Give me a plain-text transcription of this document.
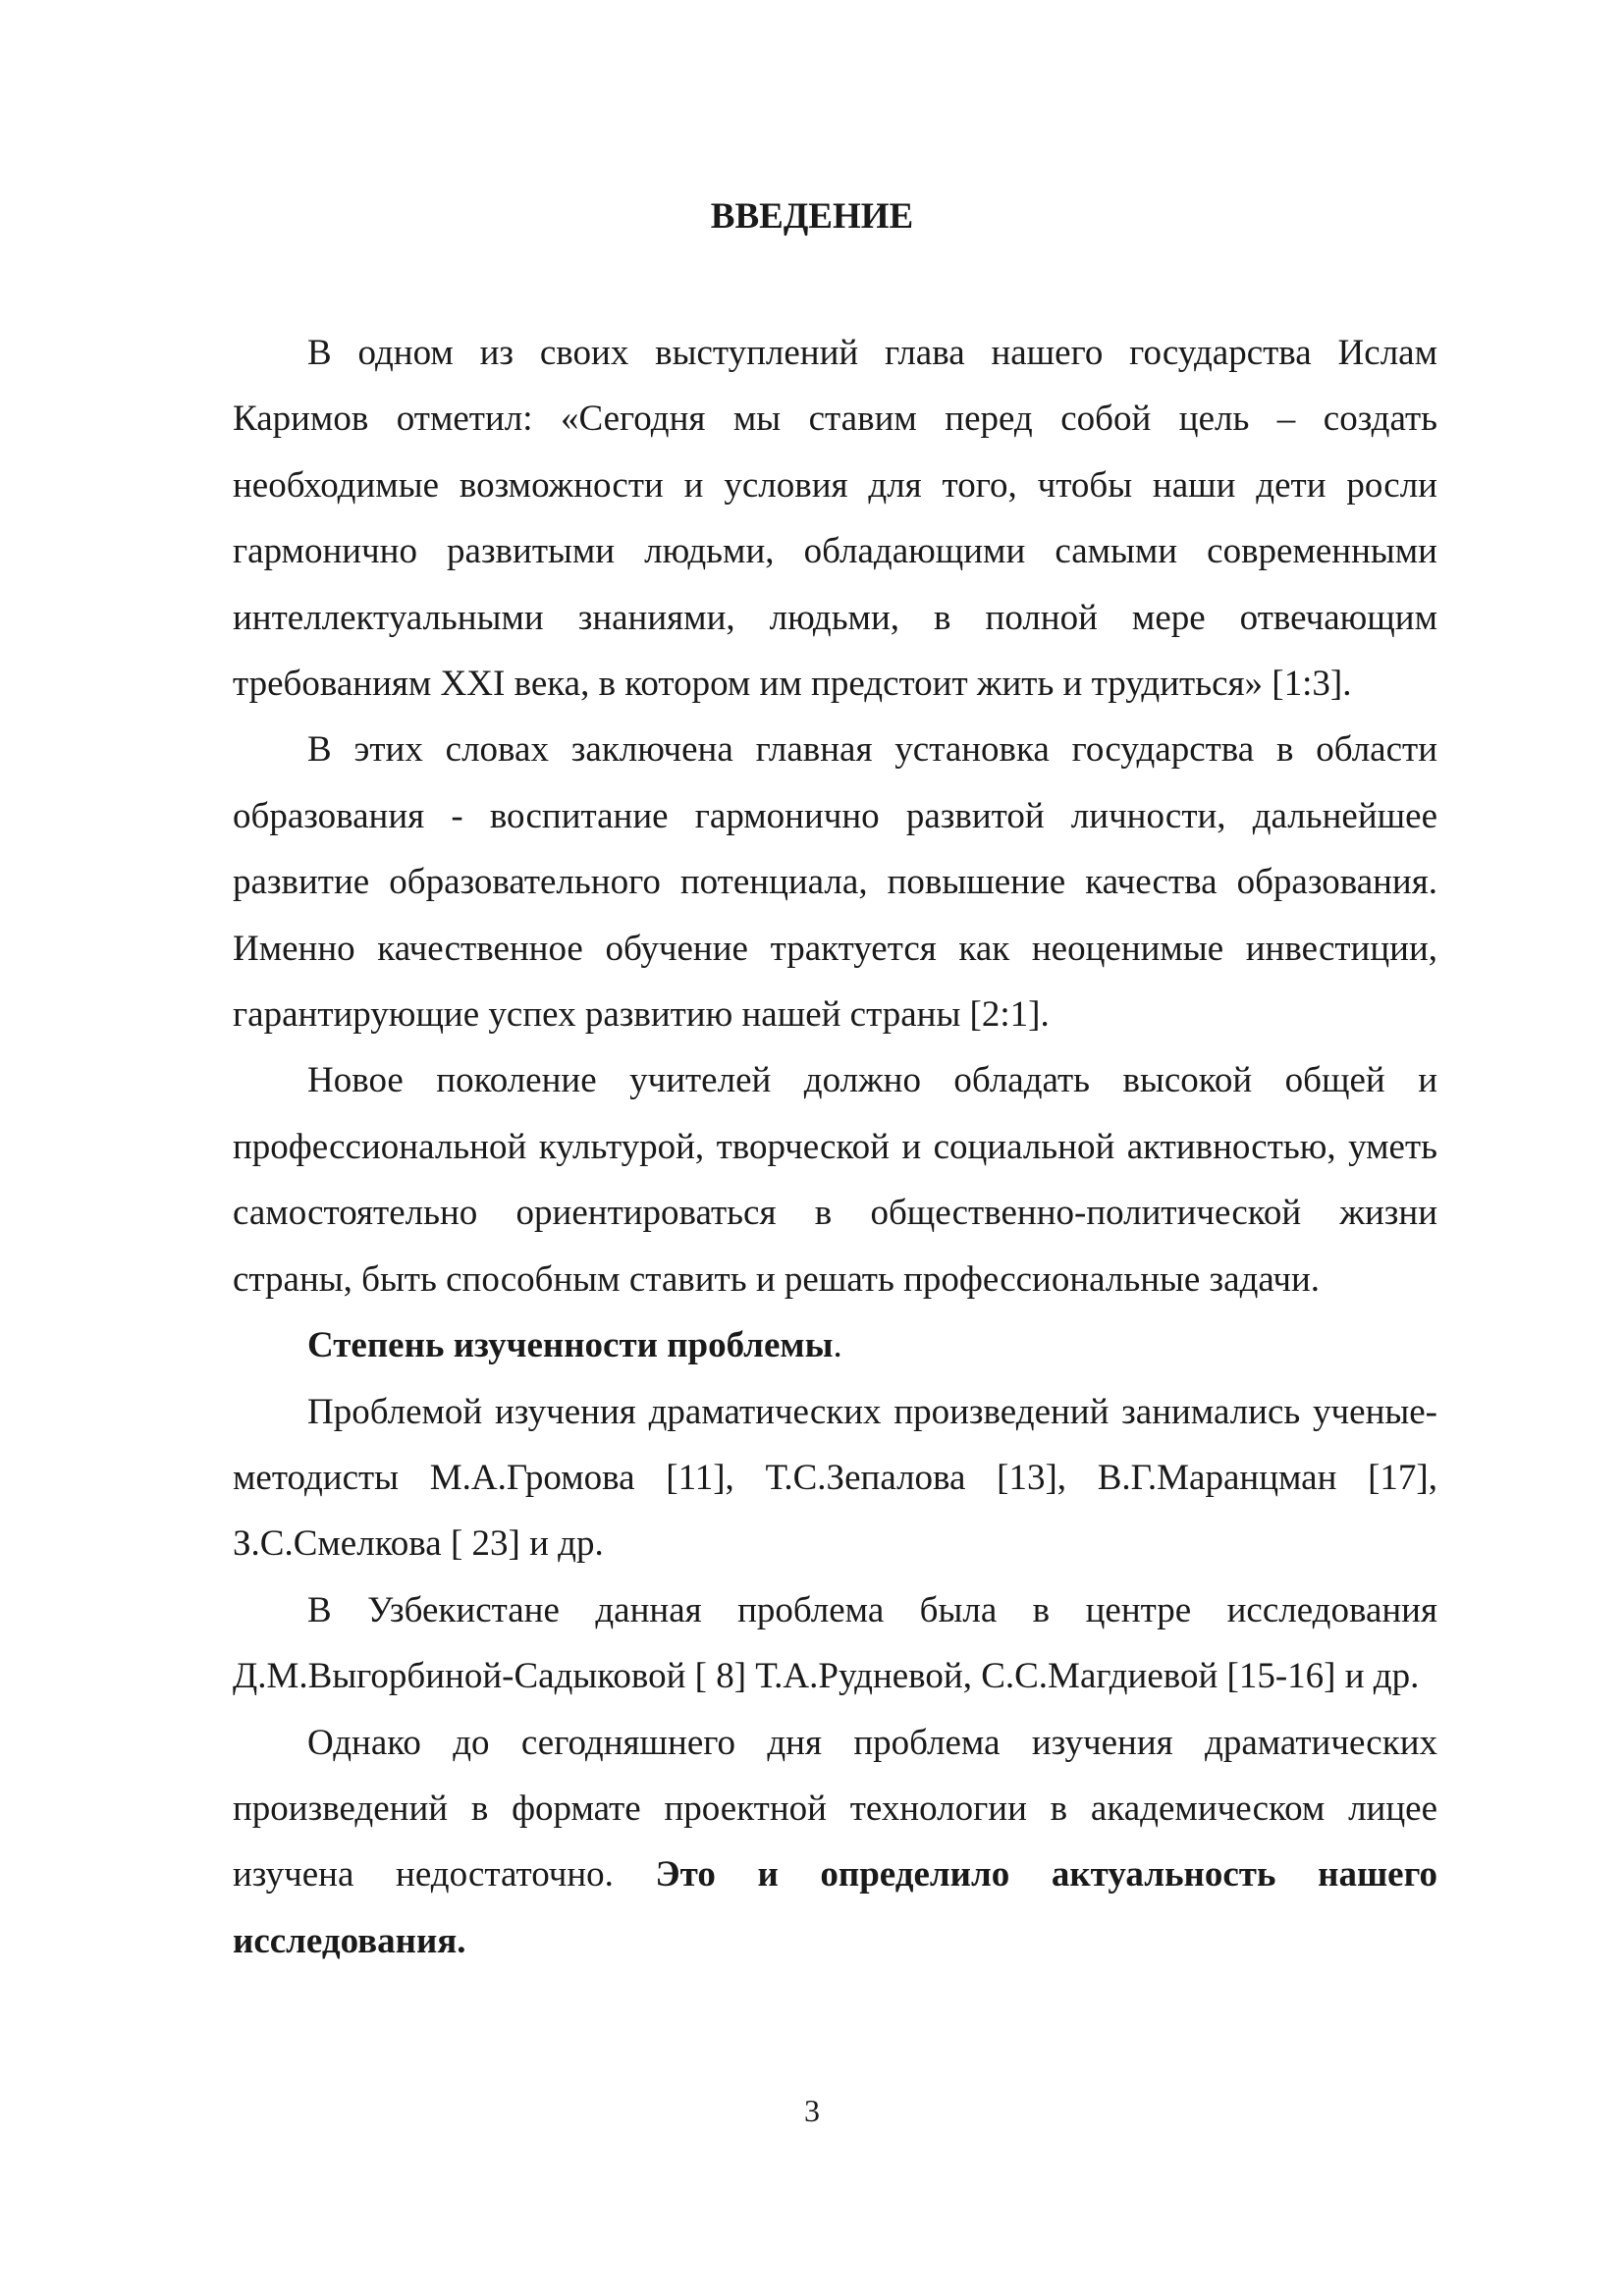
ВВЕДЕНИЕ

В одном из своих выступлений глава нашего государства Ислам Каримов отметил: «Сегодня мы ставим перед собой цель – создать необходимые возможности и условия для того, чтобы наши дети росли гармонично развитыми людьми, обладающими самыми современными интеллектуальными знаниями, людьми, в полной мере отвечающим требованиям XXI века, в котором им предстоит жить и трудиться» [1:3].

В этих словах заключена главная установка государства в области образования - воспитание гармонично развитой личности, дальнейшее развитие образовательного потенциала, повышение качества образования. Именно качественное обучение трактуется как неоценимые инвестиции, гарантирующие успех развитию нашей страны [2:1].

Новое поколение учителей должно обладать высокой общей и профессиональной культурой, творческой и социальной активностью, уметь самостоятельно ориентироваться в общественно-политической жизни страны, быть способным ставить и решать профессиональные задачи.

Степень изученности проблемы.

Проблемой изучения драматических произведений занимались ученые-методисты М.А.Громова [11], Т.С.Зепалова [13], В.Г.Маранцман [17], З.С.Смелкова [ 23] и др.

В Узбекистане данная проблема была в центре исследования Д.М.Выгорбиной-Садыковой [ 8] Т.А.Рудневой, С.С.Магдиевой [15-16] и др.

Однако до сегодняшнего дня проблема изучения драматических произведений в формате проектной технологии в академическом лицее изучена недостаточно. Это и определило актуальность нашего исследования.

3
